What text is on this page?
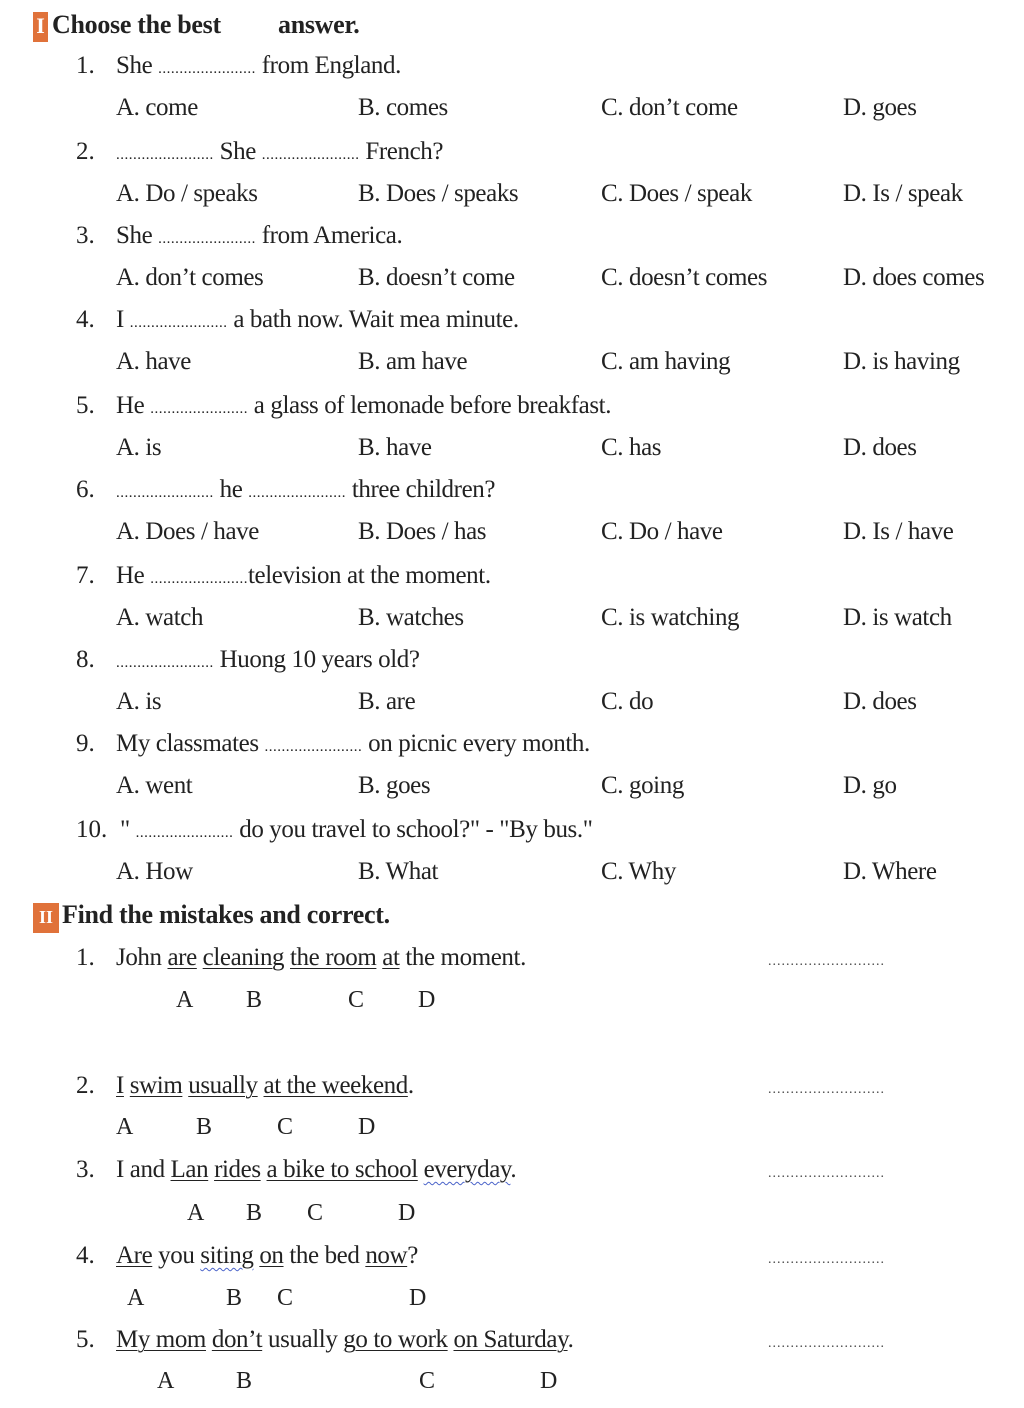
I Choose the best answer.
1. She ....................... from England.
A. come	B. comes	C. don’t come	D. goes
2. ....................... She ....................... French?
A. Do / speaks	B. Does / speaks	C. Does / speak	D. Is / speak
3. She ....................... from America.
A. don’t comes	B. doesn’t come	C. doesn’t comes	D. does comes
4. I ....................... a bath now. Wait mea minute.
A. have	B. am have	C. am having	D. is having
5. He ....................... a glass of lemonade before breakfast.
A. is	B. have	C. has	D. does
6. ....................... he ....................... three children?
A. Does / have	B. Does / has	C. Do / have	D. Is / have
7. He .......................television at the moment.
A. watch	B. watches	C. is watching	D. is watch
8. ....................... Huong 10 years old?
A. is	B. are	C. do	D. does
9. My classmates ....................... on picnic every month.
A. went	B. goes	C. going	D. go
10. " ....................... do you travel to school?" - "By bus."
A. How	B. What	C. Why	D. Where
II Find the mistakes and correct.
1. John are cleaning the room at the moment.	..........................
A B	C D
2. I swim usually at the weekend.	..........................
A	B	C	D
3. I and Lan rides a bike to school everyday.	..........................
A B C	D
4. Are you siting on the bed now?	..........................
A	B C	D
5. My mom don’t usually go to work on Saturday.	..........................
A	B	C	D
